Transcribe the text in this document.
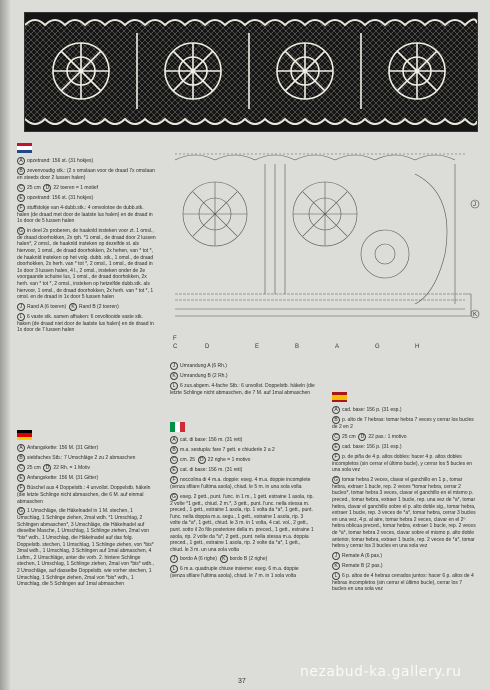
A opzetrand: 156 st. (31 hokjes)

B zevenvoudig stk.: (2 x omslaan voor de draad 7x omslaan en steeds door 2 lussen halen)

C 25 cm D 22 toeren = 1 motief

E opzetrand: 156 st. (31 hokjes)

F stuffstokje van 4-dubb.stk.: 4 omvolotoe de dubb.stk. halen (de draad met door de laatste lus halen) en de draad in 1x door de 5 lussen halen

G in deel 2x proberen, de haaknld insteken voor zt. 1 omsl., de draad doorhokken, 2x rph. *1 omsl., de draad door 2 lussen halen*, 2 omsl., de haaknld insteken op dezelfde st. als hiervoor, 1 omsl., de draad doorhokken, 2x hehen, van * tot *, de haaknld insteken op het volg. dubb. stk., 1 omsl., de draad doorhokken, 2x herh. van * tot *, 2 omsl., 1 omsl., de draad in 1x door 3 lussen halen, 4 l., 2 omsl., insteken onder de 2e voorgaande schuine lus, 1 omsl., de draad doorhokken, 2x herh. van * tot *, 2 omsl., insteken op hetzelfde dubb.stk. als hiervoor, 1 omsl., de draad doorhokken, 2x herh. van * tot *, 1 omsl. en de draad in 1x door 5 lussen halen

J Rand A (6 toeren) K Rand B (2 toeren)

L 6 vaste stk. samen afhaken: 6 onvoltooide vaste stk. haken (de draad niet door de laatste lus halen) en de draad in 1x door de 7 lussen halen

A Anfangskette: 156 M. (31 Gitter)

B siebfaches Stb.: 7 Umschläge 2 zu 2 abmaschen

C 25 cm D 22 Rh. = 1 Motiv

E Anfangskette: 156 M. (31 Gitter)

F Büschel aus 4 Doppelstb.: 4 unvollst. Doppelstb. häkeln (die letzte Schlinge nicht abmaschen, die 6 M. auf einmal abmaschen

G 1 Umschläge, die Häkelnadel in 1 M. stechen, 1 Umschlag, 1 Schlinge ziehen, 2mal wdh. *1 Umschlag, 2 Schlingen abmaschen*, 3 Umschläge, die Häkelnadel auf dieselbe Masche, 1 Umschlag, 1 Schlinge ziehen, 2mal von *bis* wdh., 1 Umschlag, die Häkelnadel auf das folg. Doppelstb. stechen, 1 Umschlag, 1 Schlinge ziehen, von *bis* 3mal wdh., 1 Umschlag, 3 Schlingen auf 1mal abmaschen, 4 Luftm., 2 Umschläge, unter die vorh. 2. hintere Schlinge stechen, 1 Umschlag, 1 Schlinge ziehen, 2mal von *bis* wdh., 2 Umschläge, auf dasselbe Doppelstb. wie vorher stechen, 1 Umschlag, 1 Schlinge ziehen, 2mal von *bis* wdh., 1 Umschlag, die 5 Schlingen auf 1mal abmaschen

J
K
F
C	D	E	B	A	G	H

J Umrandung A (6 Rh.)

K Umrandung B (2 Rh.)

L 6 zus.abgem. 4-fache Stb.: 6 unvollst. Doppelstb. häkeln (die letzte Schlinge nicht abmaschen, die 7 M. auf 1mal abmaschen

A cat. di base: 156 m. (31 reti)

B m.a. sestupla: fare 7 gett. e chiuderle 2 a 2

C cm. 25 D 22 righe = 1 motivo

E cat. di base: 156 m. (31 reti)

F noccolina di 4 m.a. doppie: eseg. 4 m.a. doppie incomplete (senza sfilare l'ultima asola), chiud. le 5 m. in una sola volta

G eseg. 2 gett., punt. l'unc. in 1 m., 1 gett. estraine 1 asola, rip. 2 volte *1 gett., chiud. 2 m.*, 3 gett., punt. l'unc. nella stessa m. preced., 1 gett., estraine 1 asola, rip. 1 volta da *a*, 1 gett., punt. l'unc. nella doppia m.a. segu., 1 gett., estraine 1 asola, rip. 3 volte da *a*, 1 gett., chiud. le 3 m. in 1 volta, 4 cat. vol., 2 gett., punt. sotto il 2o filo posteriore della m. preced., 1 gett., estraine 1 asola, rip. 2 volte da *a*, 2 gett., punt. nella stessa m.a. doppia preced., 1 gett., estraine 1 asola, rip. 2 volte da *a*, 1 gett., chiud. le 3 m. un una sola volta

J bordo A (6 righe) K bordo B (2 righe)

L 6 m.a. quadruple chiuse insieme: eseg. 6 m.a. doppie (senza sfilare l'ultima asola), chiud. le 7 m. in 1 sola volta

A cad. base: 156 p. (31 esp.)

B p. alto de 7 hebras: tomar hebra 7 veces y cerrar los bucles de 2 en 2

C 25 cm D 22 pas.: 1 motivo

E cad. base: 156 p. (31 esp.)

F p. de piña de 4 p. altos dobles: hacer 4 p. altos dobles incompletos (sin cerrar el último bucle), y cerrar los 5 bucles en una sola vez

G tomar hebra 2 veces, clavar el ganchillo en 1 p., tomar hebra, extraer 1 bucle, rep. 2 veces *tomar hebra, cerrar 2 bucles*, tomar hebra 3 veces, clavar el ganchillo en el mismo p. preced., tomar hebra, extraer 1 bucle, rep. una vez de *a*, tomar hebra, clavar el ganchillo sobre el p. alto doble sig., tomar hebra, extraer 1 bucle, rep. 3 veces de *a*, tomar hebra, cerrar 3 bucles en una vez, 4 p. al aire, tomar hebra 2 veces, clavar en el 2º hebra oblicua preced., tomar hebra, extraer 1 bucle, rep. 2 veces de *a*, tomar hebra 2 veces, clavar sobre el mismo p. alto doble anterior, tomar hebra, extraer 1 bucle, rep. 2 veces de *a*, tomar hebra y cerrar los 3 bucles en una sola vez

J Remate A (6 pas.)

K Remate B (2 pas.)

L 6 p. altos de 4 hebras cerrados juntos: hacer 6 p. altos de 4 hebras incompletos (sin cerrar el último bucle), cerrar los 7 bucles en una sola vez

nezabud-ka.gallery.ru
37
